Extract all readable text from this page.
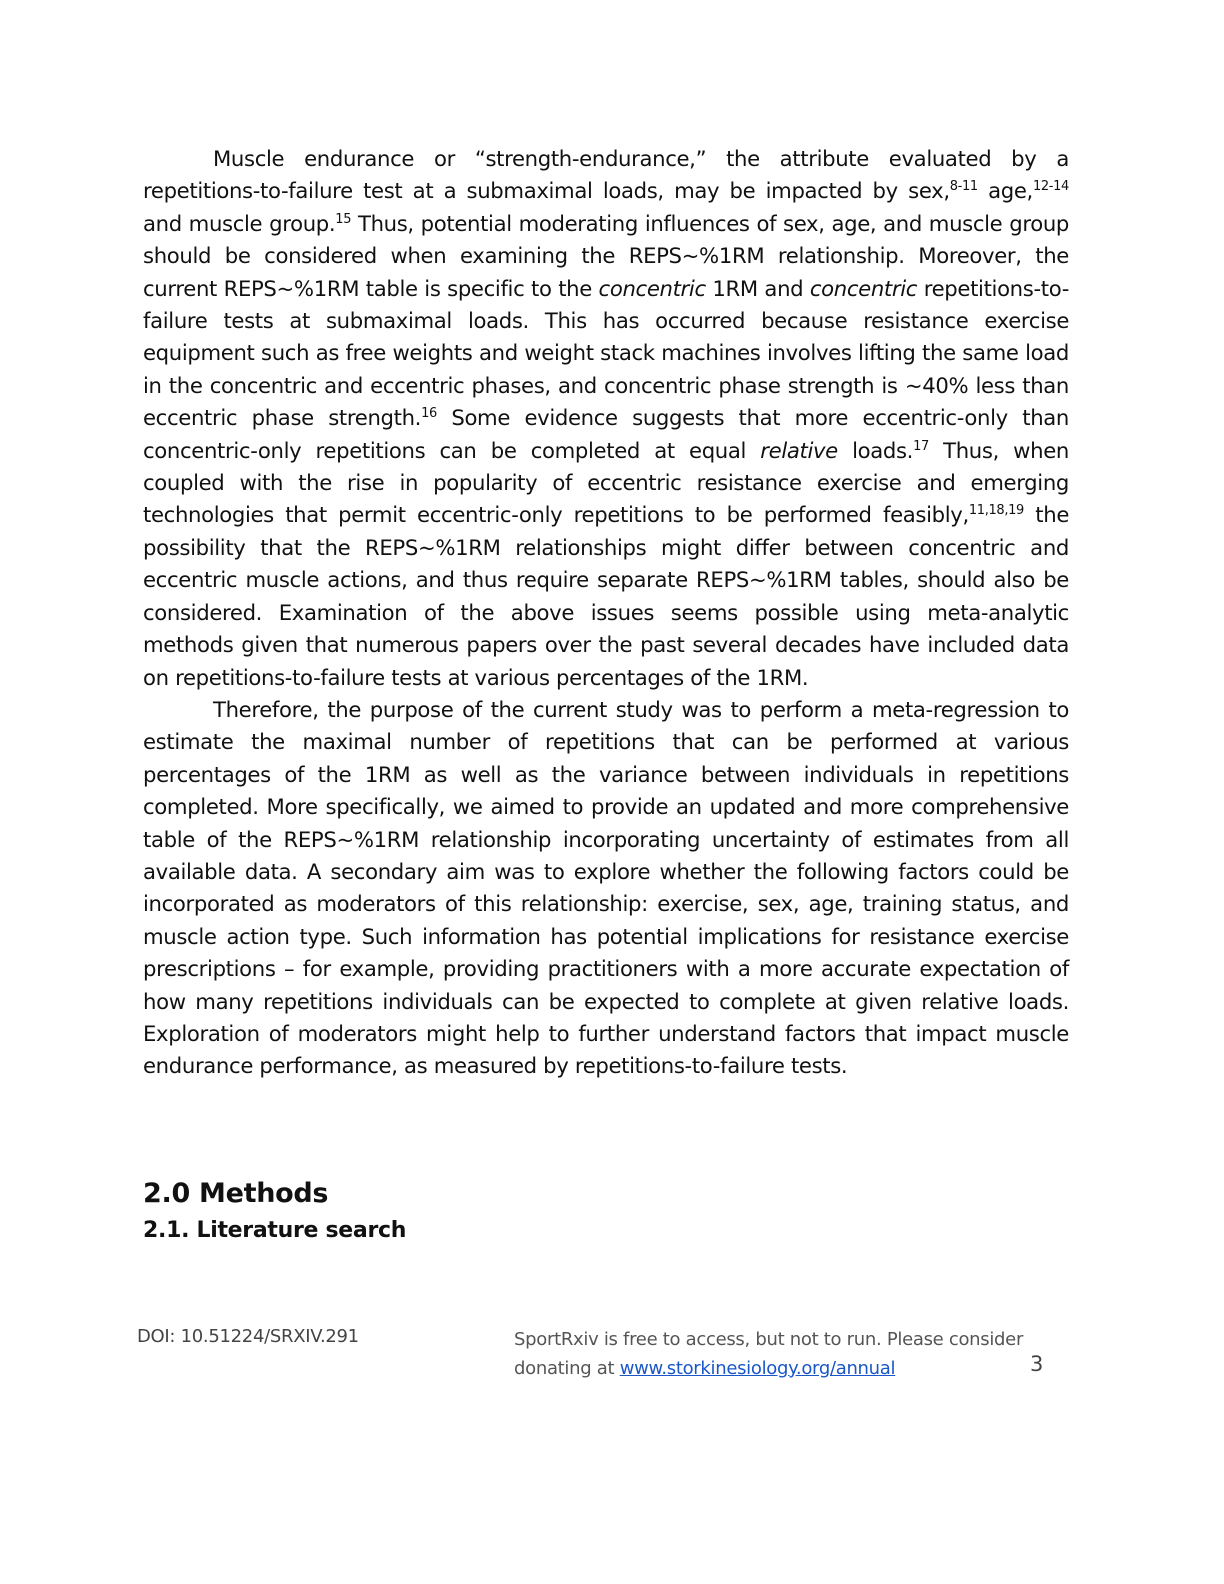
Muscle endurance or “strength-endurance,” the attribute evaluated by a repetitions-to-failure test at a submaximal loads, may be impacted by sex,$^{8-11}$ age,$^{12-14}$ and muscle group.$^{15}$ Thus, potential moderating influences of sex, age, and muscle group should be considered when examining the REPS~%1RM relationship. Moreover, the current REPS~%1RM table is specific to the concentric 1RM and concentric repetitions-to-failure tests at submaximal loads. This has occurred because resistance exercise equipment such as free weights and weight stack machines involves lifting the same load in the concentric and eccentric phases, and concentric phase strength is ~40% less than eccentric phase strength.$^{16}$ Some evidence suggests that more eccentric-only than concentric-only repetitions can be completed at equal relative loads.$^{17}$ Thus, when coupled with the rise in popularity of eccentric resistance exercise and emerging technologies that permit eccentric-only repetitions to be performed feasibly,$^{11,18,19}$ the possibility that the REPS~%1RM relationships might differ between concentric and eccentric muscle actions, and thus require separate REPS~%1RM tables, should also be considered. Examination of the above issues seems possible using meta-analytic methods given that numerous papers over the past several decades have included data on repetitions-to-failure tests at various percentages of the 1RM.

Therefore, the purpose of the current study was to perform a meta-regression to estimate the maximal number of repetitions that can be performed at various percentages of the 1RM as well as the variance between individuals in repetitions completed. More specifically, we aimed to provide an updated and more comprehensive table of the REPS~%1RM relationship incorporating uncertainty of estimates from all available data. A secondary aim was to explore whether the following factors could be incorporated as moderators of this relationship: exercise, sex, age, training status, and muscle action type. Such information has potential implications for resistance exercise prescriptions – for example, providing practitioners with a more accurate expectation of how many repetitions individuals can be expected to complete at given relative loads. Exploration of moderators might help to further understand factors that impact muscle endurance performance, as measured by repetitions-to-failure tests.

2.0 Methods
2.1. Literature search
DOI: 10.51224/SRXIV.291	SportRxiv is free to access, but not to run. Please consider donating at www.storkinesiology.org/annual	3
